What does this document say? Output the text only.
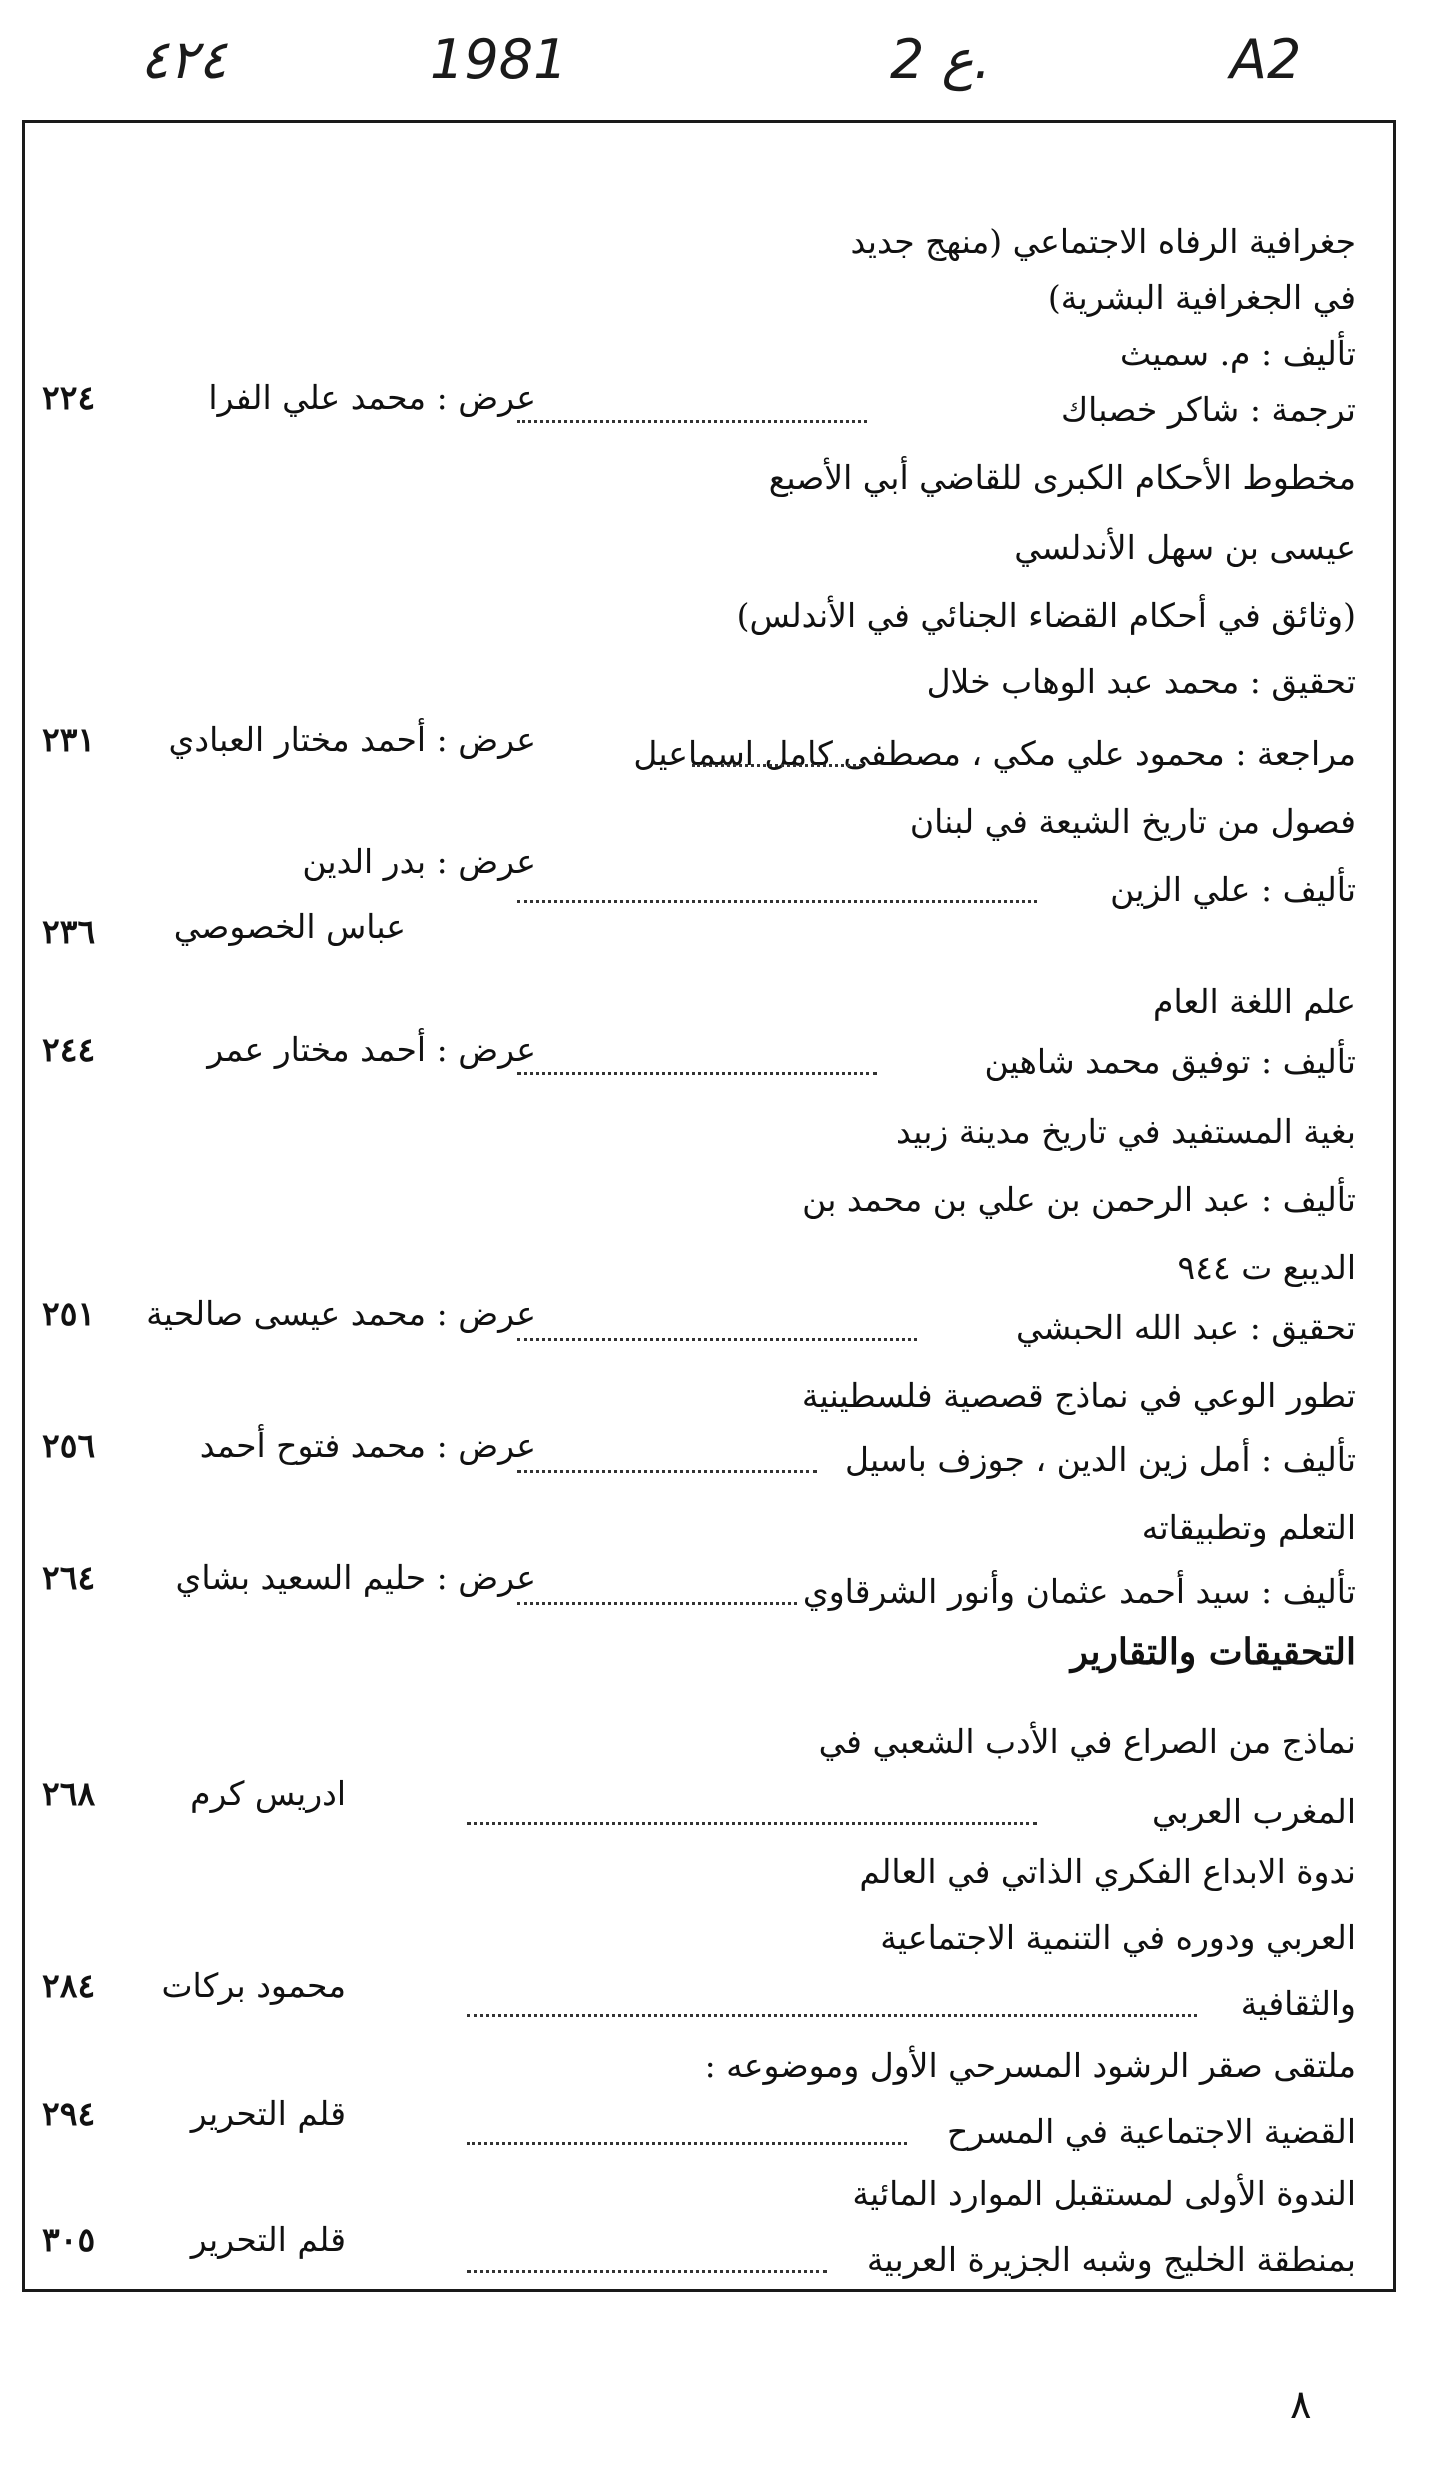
A2
2 ع.
1981
٤٢٤
جغرافية الرفاه الاجتماعي (منهج جديد
في الجغرافية البشرية)
تأليف : م. سميث
ترجمة : شاكر خصباك
عرض : محمد علي الفرا
٢٢٤
مخطوط الأحكام الكبرى للقاضي أبي الأصبع
عيسى بن سهل الأندلسي
(وثائق في أحكام القضاء الجنائي في الأندلس)
تحقيق : محمد عبد الوهاب خلال
مراجعة : محمود علي مكي ، مصطفى كامل اسماعيل
عرض : أحمد مختار العبادي
٢٣١
فصول من تاريخ الشيعة في لبنان
تأليف : علي الزين
عرض : بدر الدين
عباس الخصوصي
٢٣٦
علم اللغة العام
تأليف : توفيق محمد شاهين
عرض : أحمد مختار عمر
٢٤٤
بغية المستفيد في تاريخ مدينة زبيد
تأليف : عبد الرحمن بن علي بن محمد بن
الديبع ت ٩٤٤
تحقيق : عبد الله الحبشي
عرض : محمد عيسى صالحية
٢٥١
تطور الوعي في نماذج قصصية فلسطينية
تأليف : أمل زين الدين ، جوزف باسيل
عرض : محمد فتوح أحمد
٢٥٦
التعلم وتطبيقاته
تأليف : سيد أحمد عثمان وأنور الشرقاوي
عرض : حليم السعيد بشاي
٢٦٤
التحقيقات والتقارير
نماذج من الصراع في الأدب الشعبي في
المغرب العربي
ادريس كرم
٢٦٨
ندوة الابداع الفكري الذاتي في العالم
العربي ودوره في التنمية الاجتماعية
والثقافية
محمود بركات
٢٨٤
ملتقى صقر الرشود المسرحي الأول وموضوعه :
القضية الاجتماعية في المسرح
قلم التحرير
٢٩٤
الندوة الأولى لمستقبل الموارد المائية
بمنطقة الخليج وشبه الجزيرة العربية
قلم التحرير
٣٠٥
٨
